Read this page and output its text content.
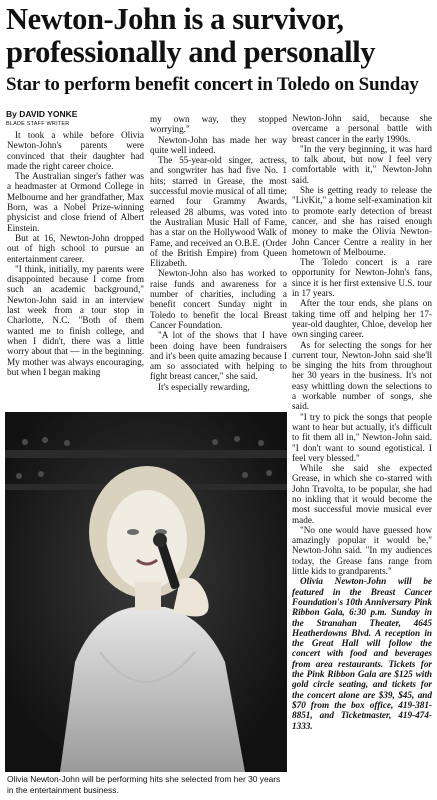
Newton-John is a survivor, professionally and personally
Star to perform benefit concert in Toledo on Sunday
By DAVID YONKE
BLADE STAFF WRITER

It took a while before Olivia Newton-John's parents were convinced that their daughter had made the right career choice.

The Australian singer's father was a headmaster at Ormond College in Melbourne and her grandfather, Max Born, was a Nobel Prize-winning physicist and close friend of Albert Einstein.

But at 16, Newton-John dropped out of high school to pursue an entertainment career.

"I think, initially, my parents were disappointed because I come from such an academic background," Newton-John said in an interview last week from a tour stop in Charlotte, N.C. "Both of them wanted me to finish college, and when I didn't, there was a little worry about that — in the beginning. My mother was always encouraging, but when I began making

my own way, they stopped worrying."

Newton-John has made her way quite well indeed.

The 55-year-old singer, actress, and songwriter has had five No. 1 hits; starred in Grease, the most successful movie musical of all time; earned four Grammy Awards, released 28 albums, was voted into the Australian Music Hall of Fame, has a star on the Hollywood Walk of Fame, and received an O.B.E. (Order of the British Empire) from Queen Elizabeth.

Newton-John also has worked to raise funds and awareness for a number of charities, including a benefit concert Sunday night in Toledo to benefit the local Breast Cancer Foundation.

"A lot of the shows that I have been doing have been fundraisers and it's been quite amazing because I am so associated with helping to fight breast cancer," she said.

It's especially rewarding,

Newton-John said, because she overcame a personal battle with breast cancer in the early 1990s.

"In the very beginning, it was hard to talk about, but now I feel very comfortable with it," Newton-John said.

She is getting ready to release the "LivKit," a home self-examination kit to promote early detection of breast cancer, and she has raised enough money to make the Olivia Newton-John Cancer Centre a reality in her hometown of Melbourne.

The Toledo concert is a rare opportunity for Newton-John's fans, since it is her first extensive U.S. tour in 17 years.

After the tour ends, she plans on taking time off and helping her 17-year-old daughter, Chloe, develop her own singing career.

As for selecting the songs for her current tour, Newton-John said she'll be singing the hits from throughout her 30 years in the business. It's not easy whittling down the selections to a workable number of songs, she said.

"I try to pick the songs that people want to hear but actually, it's difficult to fit them all in," Newton-John said. "I don't want to sound egotistical. I feel very blessed."

While she said she expected Grease, in which she co-starred with John Travolta, to be popular, she had no inkling that it would become the most successful movie musical ever made.

"No one would have guessed how amazingly popular it would be," Newton-John said. "In my audiences today, the Grease fans range from little kids to grandparents."

Olivia Newton-John will be featured in the Breast Cancer Foundation's 10th Anniversary Pink Ribbon Gala, 6:30 p.m. Sunday in the Stranahan Theater, 4645 Heatherdowns Blvd. A reception in the Great Hall will follow the concert with food and beverages from area restaurants. Tickets for the Pink Ribbon Gala are $125 with gold circle seating, and tickets for the concert alone are $39, $45, and $70 from the box office, 419-381-8851, and Ticketmaster, 419-474-1333.

Olivia Newton-John will be performing hits she selected from her 30 years in the entertainment business.
